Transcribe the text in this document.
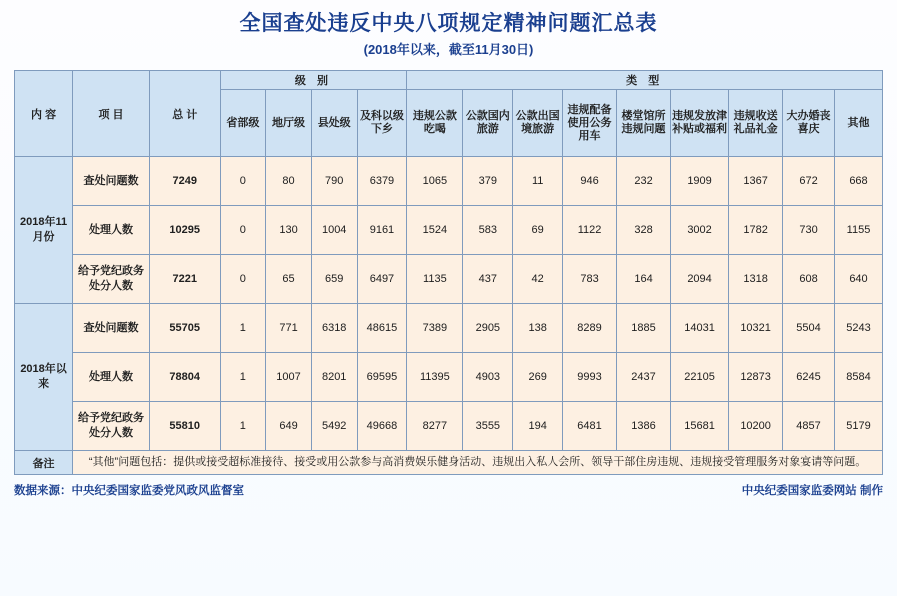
全国查处违反中央八项规定精神问题汇总表
(2018年以来，截至11月30日)
内 容	项 目	总 计	级 别				类 型								
			省部级	地厅级	县处级	及科以级下乡	违规公款吃喝	公款国内旅游	公款出国境旅游	违规配备使用公务用车	楼堂馆所违规问题	违规发放津补贴或福利	违规收送礼品礼金	大办婚丧喜庆	其他
2018年11月份	查处问题数	7249	0	80	790	6379	1065	379	11	946	232	1909	1367	672	668
	处理人数	10295	0	130	1004	9161	1524	583	69	1122	328	3002	1782	730	1155
	给予党纪政务处分人数	7221	0	65	659	6497	1135	437	42	783	164	2094	1318	608	640
2018年以来	查处问题数	55705	1	771	6318	48615	7389	2905	138	8289	1885	14031	10321	5504	5243
	处理人数	78804	1	1007	8201	69595	11395	4903	269	9993	2437	22105	12873	6245	8584
	给予党纪政务处分人数	55810	1	649	5492	49668	8277	3555	194	6481	1386	15681	10200	4857	5179
备注	“其他”问题包括：提供或接受超标准接待、接受或用公款参与高消费娱乐健身活动、违规出入私人会所、领导干部住房违规、违规接受管理服务对象宴请等问题。														
数据来源：中央纪委国家监委党风政风监督室	中央纪委国家监委网站 制作
